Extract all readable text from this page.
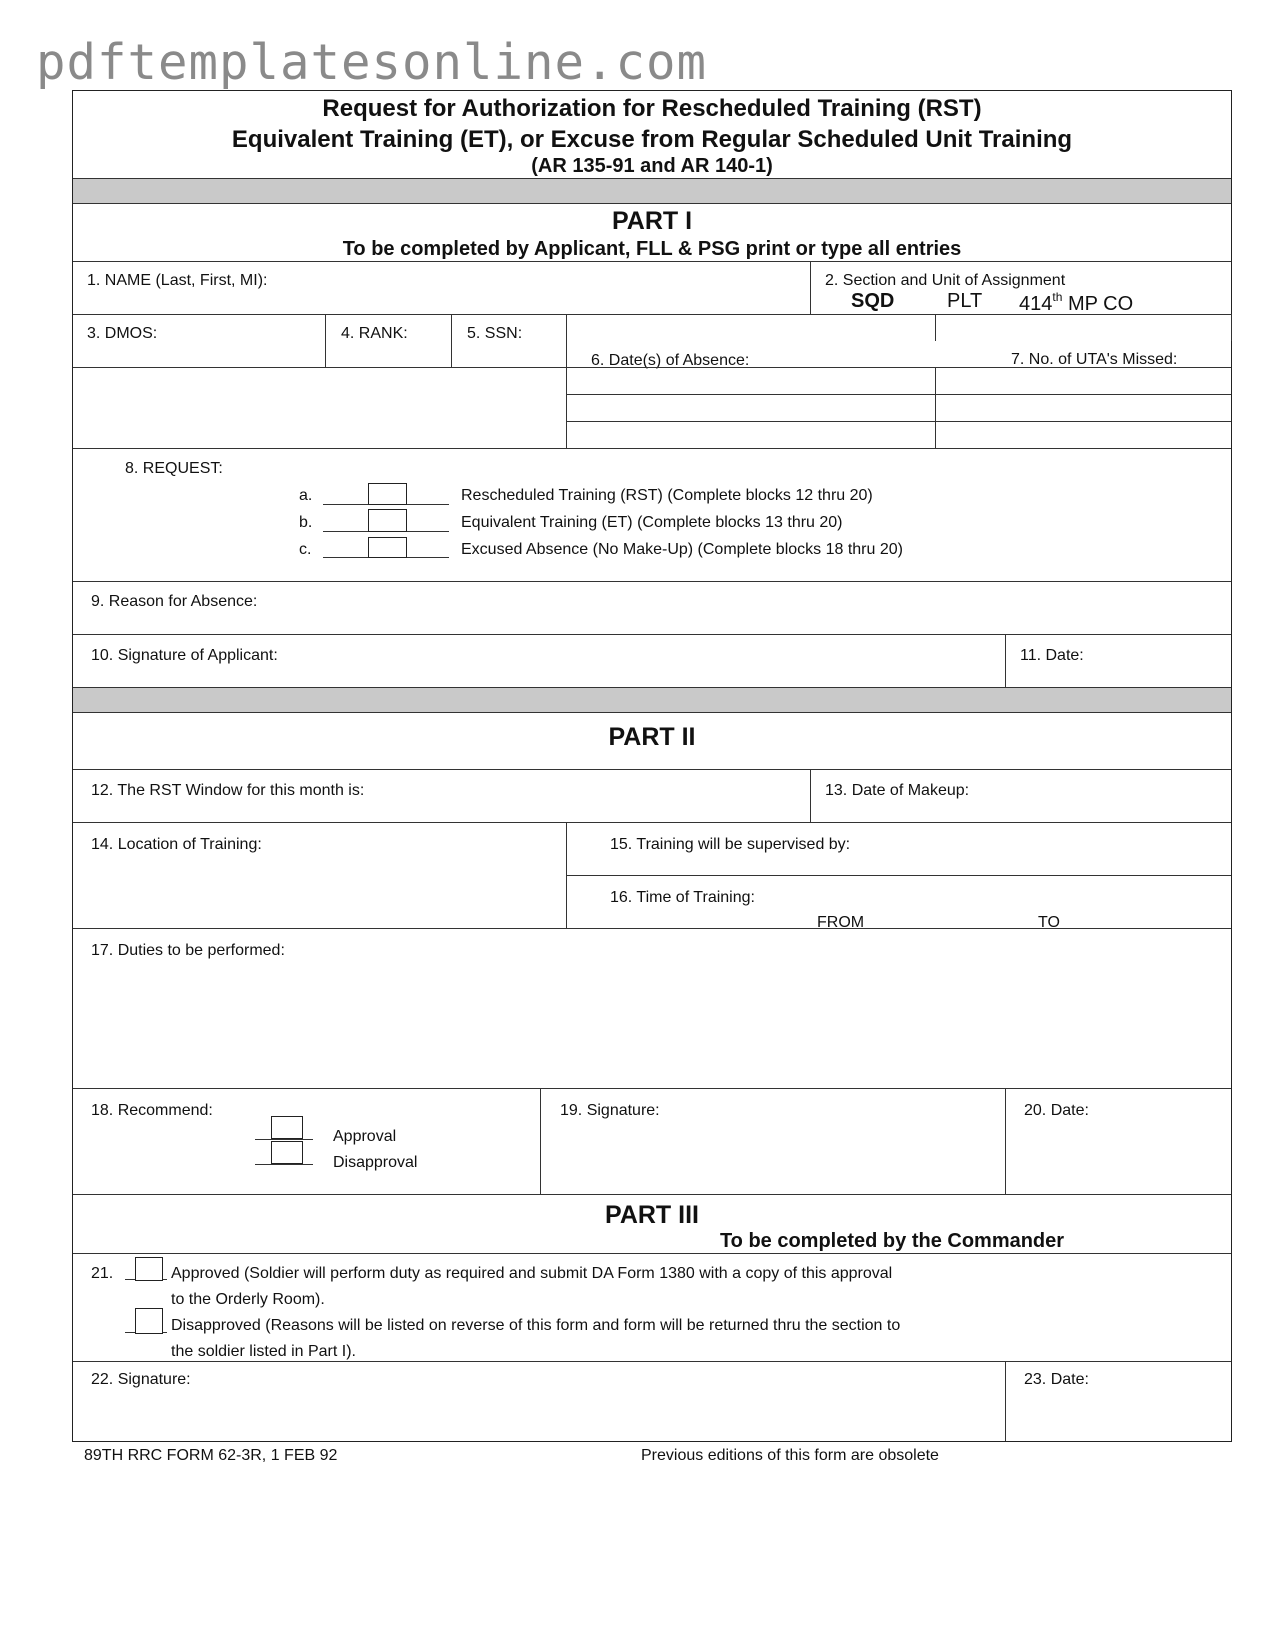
pdftemplatesonline.com
Request for Authorization for Rescheduled Training (RST)
Equivalent Training (ET), or Excuse from Regular Scheduled Unit Training
(AR 135-91 and AR 140-1)
PART I
To be completed by Applicant, FLL & PSG print or type all entries
1. NAME (Last, First, MI):	2. Section and Unit of Assignment
SQD	PLT 414th MP CO
3. DMOS:	4. RANK:	5. SSN:
6. Date(s) of Absence:	7. No. of UTA's Missed:
8. REQUEST:
a.	Rescheduled Training (RST) (Complete blocks 12 thru 20)
b.	Equivalent Training (ET) (Complete blocks 13 thru 20)
c.	Excused Absence (No Make-Up) (Complete blocks 18 thru 20)
9. Reason for Absence:
10. Signature of Applicant:	11. Date:
PART II
12. The RST Window for this month is:	13. Date of Makeup:
14. Location of Training:	15. Training will be supervised by:
16. Time of Training:
FROM	TO
17. Duties to be performed:
18. Recommend:	19. Signature:	20. Date:
Approval
Disapproval
PART III
To be completed by the Commander
21.	Approved (Soldier will perform duty as required and submit DA Form 1380 with a copy of this approval
to the Orderly Room).
Disapproved (Reasons will be listed on reverse of this form and form will be returned thru the section to
the soldier listed in Part I).
22. Signature:	23. Date:
89TH RRC FORM 62-3R, 1 FEB 92	Previous editions of this form are obsolete
